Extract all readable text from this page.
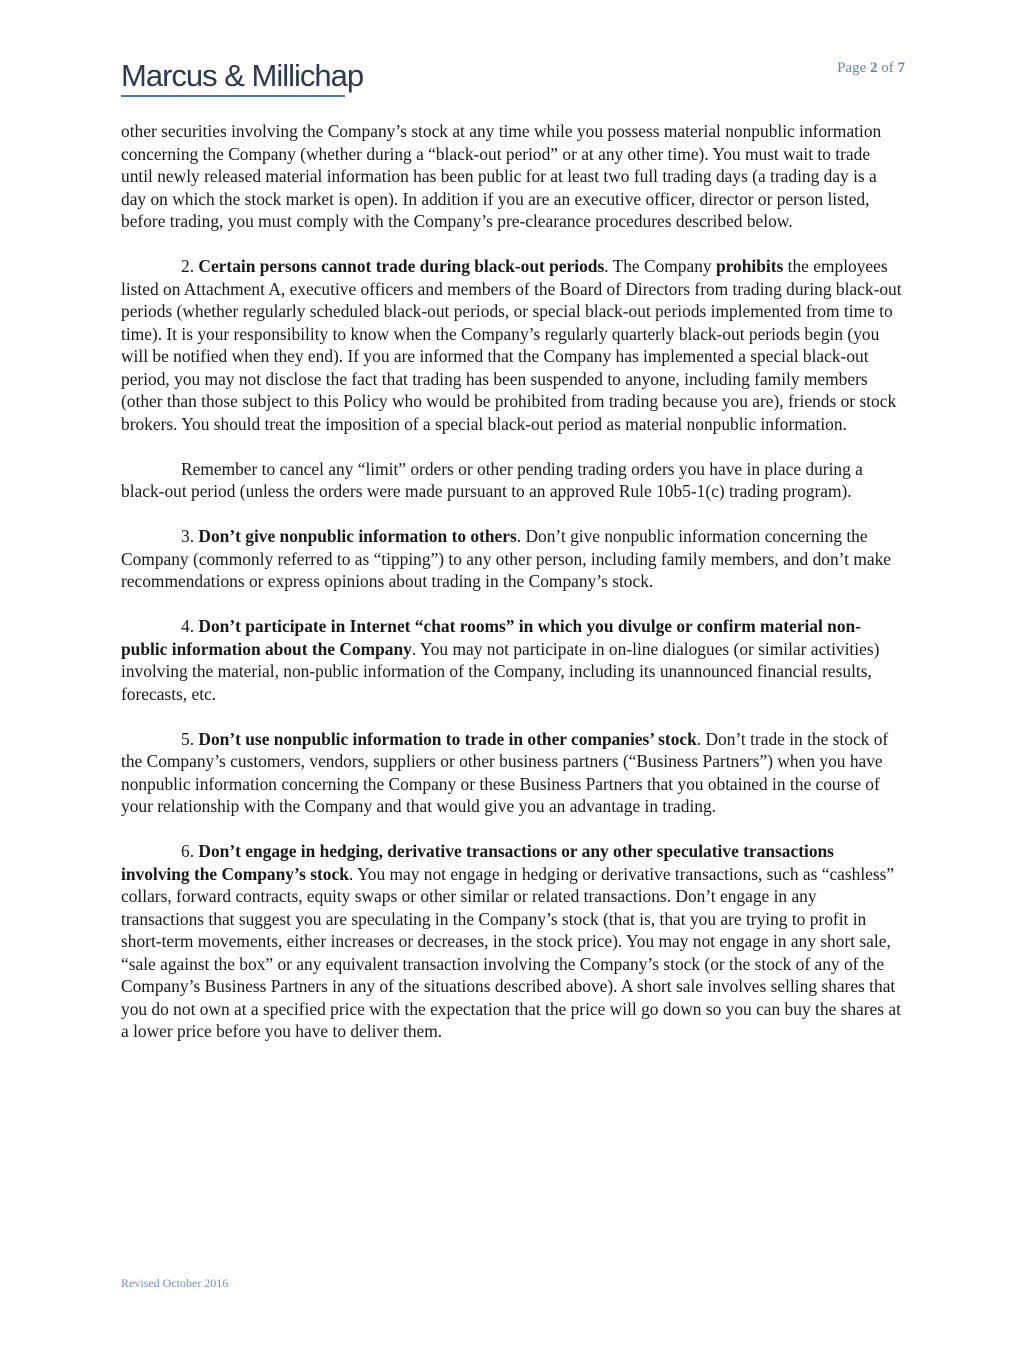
Marcus & Millichap	Page 2 of 7

other securities involving the Company’s stock at any time while you possess material nonpublic information concerning the Company (whether during a “black-out period” or at any other time). You must wait to trade until newly released material information has been public for at least two full trading days (a trading day is a day on which the stock market is open). In addition if you are an executive officer, director or person listed, before trading, you must comply with the Company’s pre-clearance procedures described below.

2. Certain persons cannot trade during black-out periods. The Company prohibits the employees listed on Attachment A, executive officers and members of the Board of Directors from trading during black-out periods (whether regularly scheduled black-out periods, or special black-out periods implemented from time to time). It is your responsibility to know when the Company’s regularly quarterly black-out periods begin (you will be notified when they end). If you are informed that the Company has implemented a special black-out period, you may not disclose the fact that trading has been suspended to anyone, including family members (other than those subject to this Policy who would be prohibited from trading because you are), friends or stock brokers. You should treat the imposition of a special black-out period as material nonpublic information.

Remember to cancel any “limit” orders or other pending trading orders you have in place during a black-out period (unless the orders were made pursuant to an approved Rule 10b5-1(c) trading program).

3. Don’t give nonpublic information to others. Don’t give nonpublic information concerning the Company (commonly referred to as “tipping”) to any other person, including family members, and don’t make recommendations or express opinions about trading in the Company’s stock.

4. Don’t participate in Internet “chat rooms” in which you divulge or confirm material non-public information about the Company. You may not participate in on-line dialogues (or similar activities) involving the material, non-public information of the Company, including its unannounced financial results, forecasts, etc.

5. Don’t use nonpublic information to trade in other companies’ stock. Don’t trade in the stock of the Company’s customers, vendors, suppliers or other business partners (“Business Partners”) when you have nonpublic information concerning the Company or these Business Partners that you obtained in the course of your relationship with the Company and that would give you an advantage in trading.

6. Don’t engage in hedging, derivative transactions or any other speculative transactions involving the Company’s stock. You may not engage in hedging or derivative transactions, such as “cashless” collars, forward contracts, equity swaps or other similar or related transactions. Don’t engage in any transactions that suggest you are speculating in the Company’s stock (that is, that you are trying to profit in short-term movements, either increases or decreases, in the stock price). You may not engage in any short sale, “sale against the box” or any equivalent transaction involving the Company’s stock (or the stock of any of the Company’s Business Partners in any of the situations described above). A short sale involves selling shares that you do not own at a specified price with the expectation that the price will go down so you can buy the shares at a lower price before you have to deliver them.

Revised October 2016
